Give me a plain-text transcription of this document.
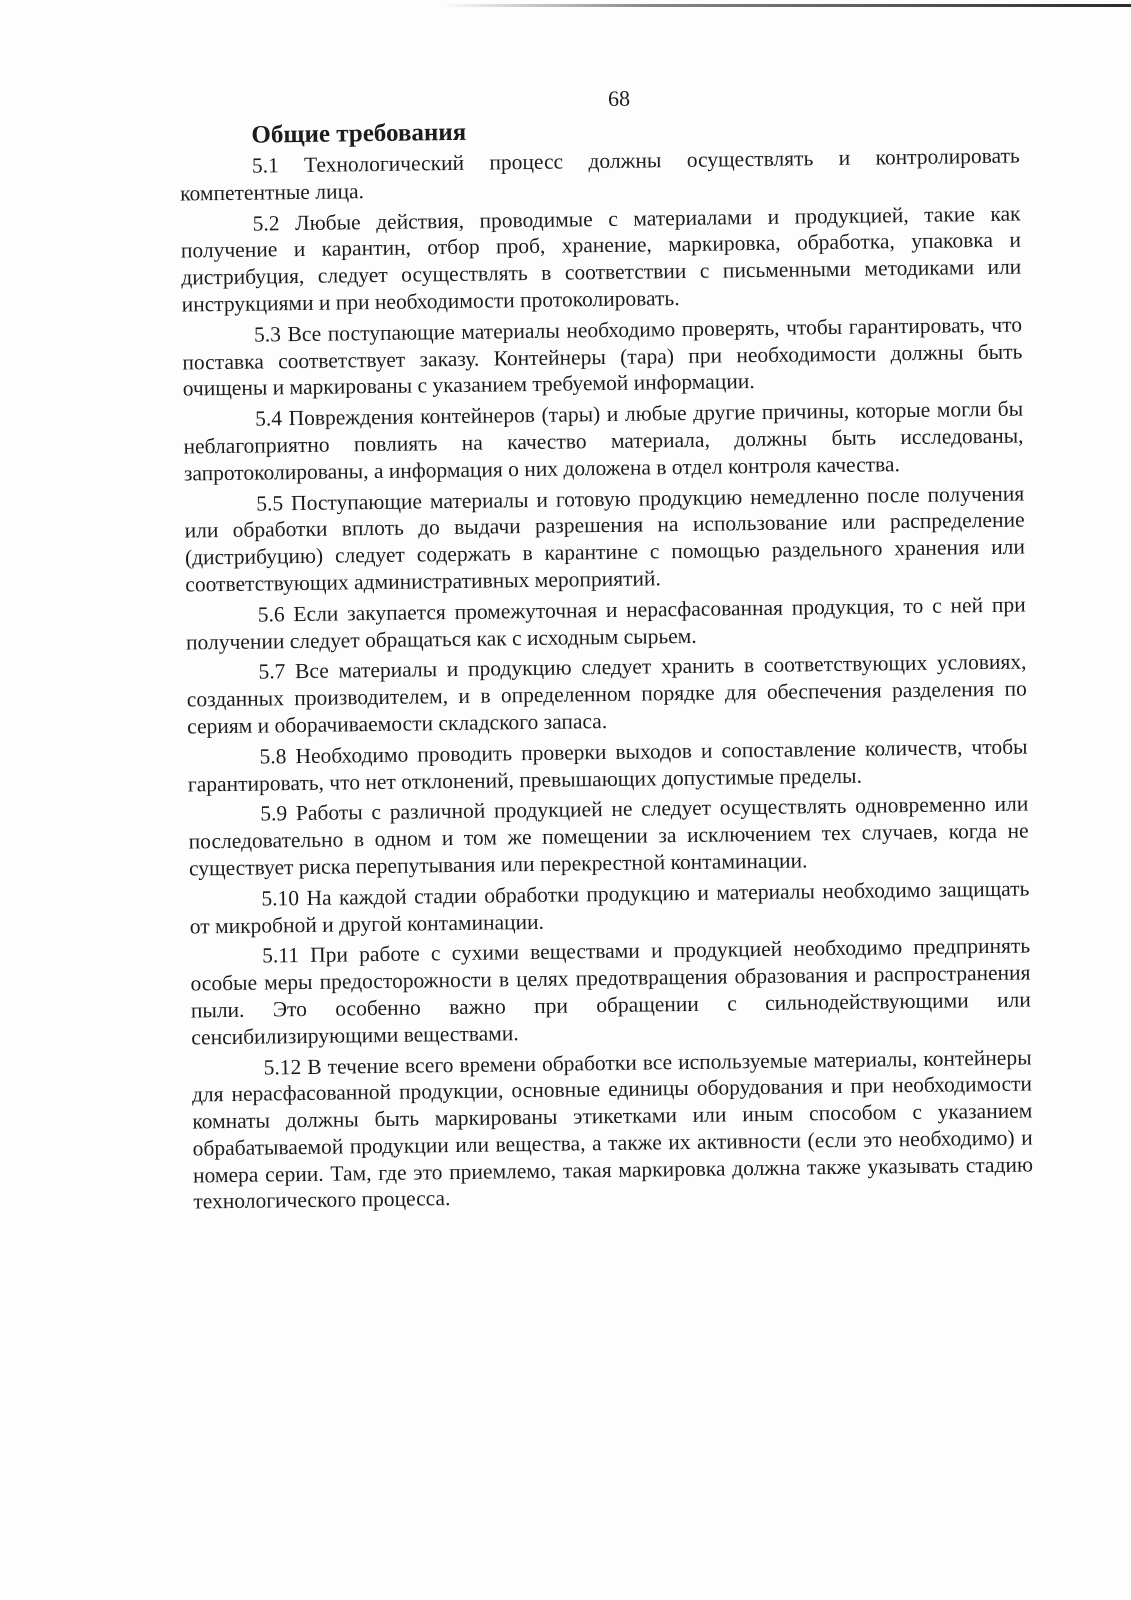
68
Общие требования

5.1 Технологический процесс должны осуществлять и контролировать компетентные лица.

5.2 Любые действия, проводимые с материалами и продукцией, такие как получение и карантин, отбор проб, хранение, маркировка, обработка, упаковка и дистрибуция, следует осуществлять в соответствии с письменными методиками или инструкциями и при необходимости протоколировать.

5.3 Все поступающие материалы необходимо проверять, чтобы гарантировать, что поставка соответствует заказу. Контейнеры (тара) при необходимости должны быть очищены и маркированы с указанием требуемой информации.

5.4 Повреждения контейнеров (тары) и любые другие причины, которые могли бы неблагоприятно повлиять на качество материала, должны быть исследованы, запротоколированы, а информация о них доложена в отдел контроля качества.

5.5 Поступающие материалы и готовую продукцию немедленно после получения или обработки вплоть до выдачи разрешения на использование или распределение (дистрибуцию) следует содержать в карантине с помощью раздельного хранения или соответствующих административных мероприятий.

5.6 Если закупается промежуточная и нерасфасованная продукция, то с ней при получении следует обращаться как с исходным сырьем.

5.7 Все материалы и продукцию следует хранить в соответствующих условиях, созданных производителем, и в определенном порядке для обеспечения разделения по сериям и оборачиваемости складского запаса.

5.8 Необходимо проводить проверки выходов и сопоставление количеств, чтобы гарантировать, что нет отклонений, превышающих допустимые пределы.

5.9 Работы с различной продукцией не следует осуществлять одновременно или последовательно в одном и том же помещении за исключением тех случаев, когда не существует риска перепутывания или перекрестной контаминации.

5.10 На каждой стадии обработки продукцию и материалы необходимо защищать от микробной и другой контаминации.

5.11 При работе с сухими веществами и продукцией необходимо предпринять особые меры предосторожности в целях предотвращения образования и распространения пыли. Это особенно важно при обращении с сильнодействующими или сенсибилизирующими веществами.

5.12 В течение всего времени обработки все используемые материалы, контейнеры для нерасфасованной продукции, основные единицы оборудования и при необходимости комнаты должны быть маркированы этикетками или иным способом с указанием обрабатываемой продукции или вещества, а также их активности (если это необходимо) и номера серии. Там, где это приемлемо, такая маркировка должна также указывать стадию технологического процесса.
